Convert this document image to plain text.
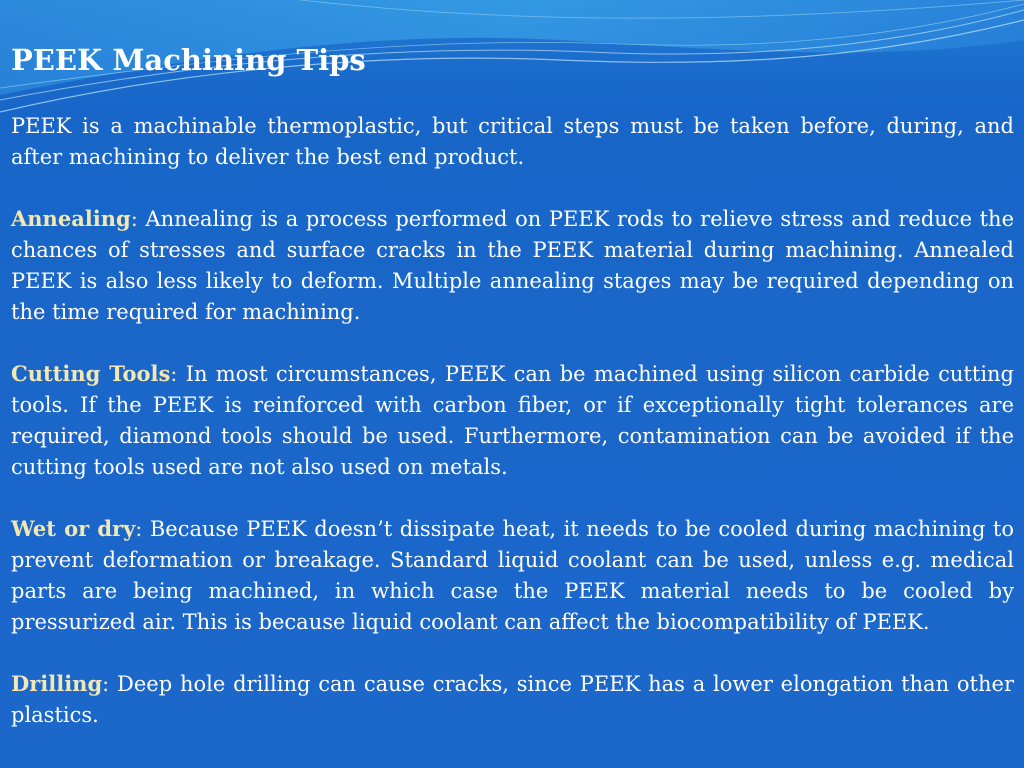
PEEK Machining Tips

PEEK is a machinable thermoplastic, but critical steps must be taken before, during, and after machining to deliver the best end product.

Annealing: Annealing is a process performed on PEEK rods to relieve stress and reduce the chances of stresses and surface cracks in the PEEK material during machining. Annealed PEEK is also less likely to deform. Multiple annealing stages may be required depending on the time required for machining.

Cutting Tools: In most circumstances, PEEK can be machined using silicon carbide cutting tools. If the PEEK is reinforced with carbon fiber, or if exceptionally tight tolerances are required, diamond tools should be used. Furthermore, contamination can be avoided if the cutting tools used are not also used on metals.

Wet or dry: Because PEEK doesn’t dissipate heat, it needs to be cooled during machining to prevent deformation or breakage. Standard liquid coolant can be used, unless e.g. medical parts are being machined, in which case the PEEK material needs to be cooled by pressurized air. This is because liquid coolant can affect the biocompatibility of PEEK.

Drilling: Deep hole drilling can cause cracks, since PEEK has a lower elongation than other plastics.
